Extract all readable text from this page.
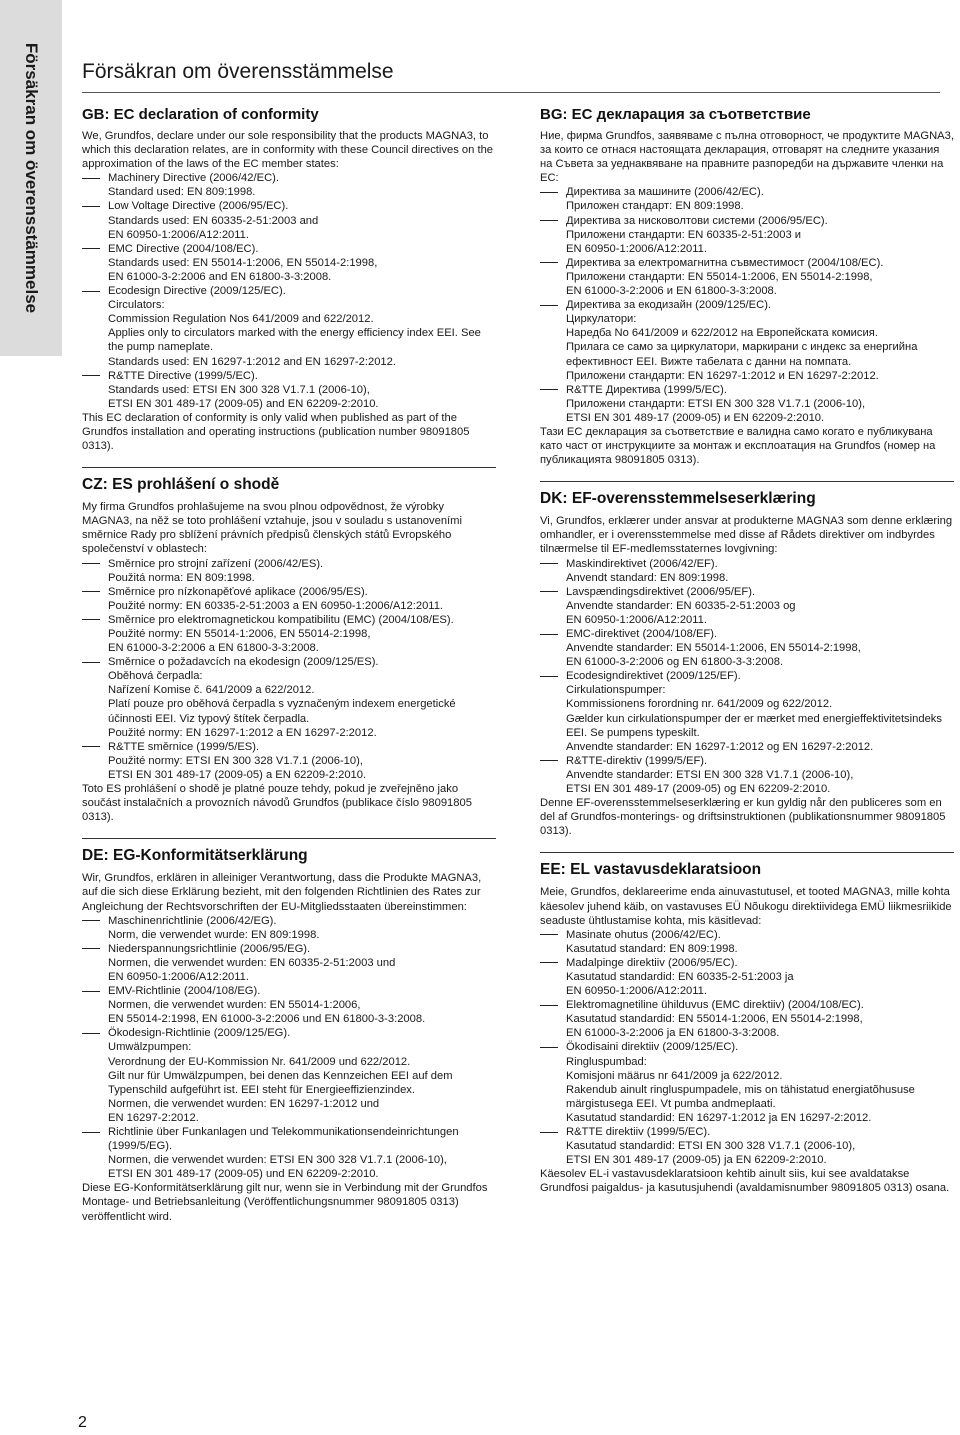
Försäkran om överensstämmelse Försäkran om överensstämmelse
GB: EC declaration of conformity

We, Grundfos, declare under our sole responsibility that the products MAGNA3, to which this declaration relates, are in conformity with these Council directives on the approximation of the laws of the EC member states:

Machinery Directive (2006/42/EC).
Standard used: EN 809:1998.
Low Voltage Directive (2006/95/EC).
Standards used: EN 60335-2-51:2003 and
EN 60950-1:2006/A12:2011.
EMC Directive (2004/108/EC).
Standards used: EN 55014-1:2006, EN 55014-2:1998,
EN 61000-3-2:2006 and EN 61800-3-3:2008.
Ecodesign Directive (2009/125/EC).
Circulators:
Commission Regulation Nos 641/2009 and 622/2012.
Applies only to circulators marked with the energy efficiency index EEI. See the pump nameplate.
Standards used: EN 16297-1:2012 and EN 16297-2:2012.
R&TTE Directive (1999/5/EC).
Standards used: ETSI EN 300 328 V1.7.1 (2006-10),
ETSI EN 301 489-17 (2009-05) and EN 62209-2:2010.

This EC declaration of conformity is only valid when published as part of the Grundfos installation and operating instructions (publication number 98091805 0313).

CZ: ES prohlášení o shodě

My firma Grundfos prohlašujeme na svou plnou odpovědnost, že výrobky MAGNA3, na něž se toto prohlášení vztahuje, jsou v souladu s ustanoveními směrnice Rady pro sblížení právních předpisů členských států Evropského společenství v oblastech:

Směrnice pro strojní zařízení (2006/42/ES).
Použitá norma: EN 809:1998.
Směrnice pro nízkonapěťové aplikace (2006/95/ES).
Použité normy: EN 60335-2-51:2003 a EN 60950-1:2006/A12:2011.
Směrnice pro elektromagnetickou kompatibilitu (EMC) (2004/108/ES).
Použité normy: EN 55014-1:2006, EN 55014-2:1998,
EN 61000-3-2:2006 a EN 61800-3-3:2008.
Směrnice o požadavcích na ekodesign (2009/125/ES).
Oběhová čerpadla:
Nařízení Komise č. 641/2009 a 622/2012.
Platí pouze pro oběhová čerpadla s vyznačeným indexem energetické účinnosti EEI. Viz typový štítek čerpadla.
Použité normy: EN 16297-1:2012 a EN 16297-2:2012.
R&TTE směrnice (1999/5/ES).
Použité normy: ETSI EN 300 328 V1.7.1 (2006-10),
ETSI EN 301 489-17 (2009-05) a EN 62209-2:2010.

Toto ES prohlášení o shodě je platné pouze tehdy, pokud je zveřejněno jako součást instalačních a provozních návodů Grundfos (publikace číslo 98091805 0313).

DE: EG-Konformitätserklärung

Wir, Grundfos, erklären in alleiniger Verantwortung, dass die Produkte MAGNA3, auf die sich diese Erklärung bezieht, mit den folgenden Richtlinien des Rates zur Angleichung der Rechtsvorschriften der EU-Mitgliedsstaaten übereinstimmen:

Maschinenrichtlinie (2006/42/EG).
Norm, die verwendet wurde: EN 809:1998.
Niederspannungsrichtlinie (2006/95/EG).
Normen, die verwendet wurden: EN 60335-2-51:2003 und
EN 60950-1:2006/A12:2011.
EMV-Richtlinie (2004/108/EG).
Normen, die verwendet wurden: EN 55014-1:2006,
EN 55014-2:1998, EN 61000-3-2:2006 und EN 61800-3-3:2008.
Ökodesign-Richtlinie (2009/125/EG).
Umwälzpumpen:
Verordnung der EU-Kommission Nr. 641/2009 und 622/2012.
Gilt nur für Umwälzpumpen, bei denen das Kennzeichen EEI auf dem Typenschild aufgeführt ist. EEI steht für Energieeffizienzindex.
Normen, die verwendet wurden: EN 16297-1:2012 und
EN 16297-2:2012.
Richtlinie über Funkanlagen und Telekommunikationsendeinrichtungen (1999/5/EG).
Normen, die verwendet wurden: ETSI EN 300 328 V1.7.1 (2006-10),
ETSI EN 301 489-17 (2009-05) und EN 62209-2:2010.

Diese EG-Konformitätserklärung gilt nur, wenn sie in Verbindung mit der Grundfos Montage- und Betriebsanleitung (Veröffentlichungsnummer 98091805 0313) veröffentlicht wird.

BG: ЕС декларация за съответствие

Ние, фирма Grundfos, заявяваме с пълна отговорност, че продуктите MAGNA3, за които се отнася настоящата декларация, отговарят на следните указания на Съвета за уеднаквяване на правните разпоредби на държавите членки на ЕС:

Директива за машините (2006/42/EC).
Приложен стандарт: EN 809:1998.
Директива за нисковолтови системи (2006/95/EC).
Приложени стандарти: EN 60335-2-51:2003 и
EN 60950-1:2006/A12:2011.
Директива за електромагнитна съвместимост (2004/108/EC).
Приложени стандарти: EN 55014-1:2006, EN 55014-2:1998,
EN 61000-3-2:2006 и EN 61800-3-3:2008.
Директива за екодизайн (2009/125/EC).
Циркулатори:
Наредба No 641/2009 и 622/2012 на Европейската комисия.
Прилага се само за циркулатори, маркирани с индекс за енергийна ефективност EEI. Вижте табелата с данни на помпата.
Приложени стандарти: EN 16297-1:2012 и EN 16297-2:2012.
R&TTE Директива (1999/5/EC).
Приложени стандарти: ETSI EN 300 328 V1.7.1 (2006-10),
ETSI EN 301 489-17 (2009-05) и EN 62209-2:2010.

Тази ЕС декларация за съответствие е валидна само когато е публикувана като част от инструкциите за монтаж и експлоатация на Grundfos (номер на публикацията 98091805 0313).

DK: EF-overensstemmelseserklæring

Vi, Grundfos, erklærer under ansvar at produkterne MAGNA3 som denne erklæring omhandler, er i overensstemmelse med disse af Rådets direktiver om indbyrdes tilnærmelse til EF-medlemsstaternes lovgivning:

Maskindirektivet (2006/42/EF).
Anvendt standard: EN 809:1998.
Lavspændingsdirektivet (2006/95/EF).
Anvendte standarder: EN 60335-2-51:2003 og
EN 60950-1:2006/A12:2011.
EMC-direktivet (2004/108/EF).
Anvendte standarder: EN 55014-1:2006, EN 55014-2:1998,
EN 61000-3-2:2006 og EN 61800-3-3:2008.
Ecodesigndirektivet (2009/125/EF).
Cirkulationspumper:
Kommissionens forordning nr. 641/2009 og 622/2012.
Gælder kun cirkulationspumper der er mærket med energieffektivitetsindeks EEI. Se pumpens typeskilt.
Anvendte standarder: EN 16297-1:2012 og EN 16297-2:2012.
R&TTE-direktiv (1999/5/EF).
Anvendte standarder: ETSI EN 300 328 V1.7.1 (2006-10),
ETSI EN 301 489-17 (2009-05) og EN 62209-2:2010.

Denne EF-overensstemmelseserklæring er kun gyldig når den publiceres som en del af Grundfos-monterings- og driftsinstruktionen (publikationsnummer 98091805 0313).

EE: EL vastavusdeklaratsioon

Meie, Grundfos, deklareerime enda ainuvastutusel, et tooted MAGNA3, mille kohta käesolev juhend käib, on vastavuses EÜ Nõukogu direktiividega EMÜ liikmesriikide seaduste ühtlustamise kohta, mis käsitlevad:

Masinate ohutus (2006/42/EC).
Kasutatud standard: EN 809:1998.
Madalpinge direktiiv (2006/95/EC).
Kasutatud standardid: EN 60335-2-51:2003 ja
EN 60950-1:2006/A12:2011.
Elektromagnetiline ühilduvus (EMC direktiiv) (2004/108/EC).
Kasutatud standardid: EN 55014-1:2006, EN 55014-2:1998,
EN 61000-3-2:2006 ja EN 61800-3-3:2008.
Ökodisaini direktiiv (2009/125/EC).
Ringluspumbad:
Komisjoni määrus nr 641/2009 ja 622/2012.
Rakendub ainult ringluspumpadele, mis on tähistatud energiatõhususe märgistusega EEI. Vt pumba andmeplaati.
Kasutatud standardid: EN 16297-1:2012 ja EN 16297-2:2012.
R&TTE direktiiv (1999/5/EC).
Kasutatud standardid: ETSI EN 300 328 V1.7.1 (2006-10),
ETSI EN 301 489-17 (2009-05) ja EN 62209-2:2010.

Käesolev EL-i vastavusdeklaratsioon kehtib ainult siis, kui see avaldatakse Grundfosi paigaldus- ja kasutusjuhendi (avaldamisnumber 98091805 0313) osana.

2
